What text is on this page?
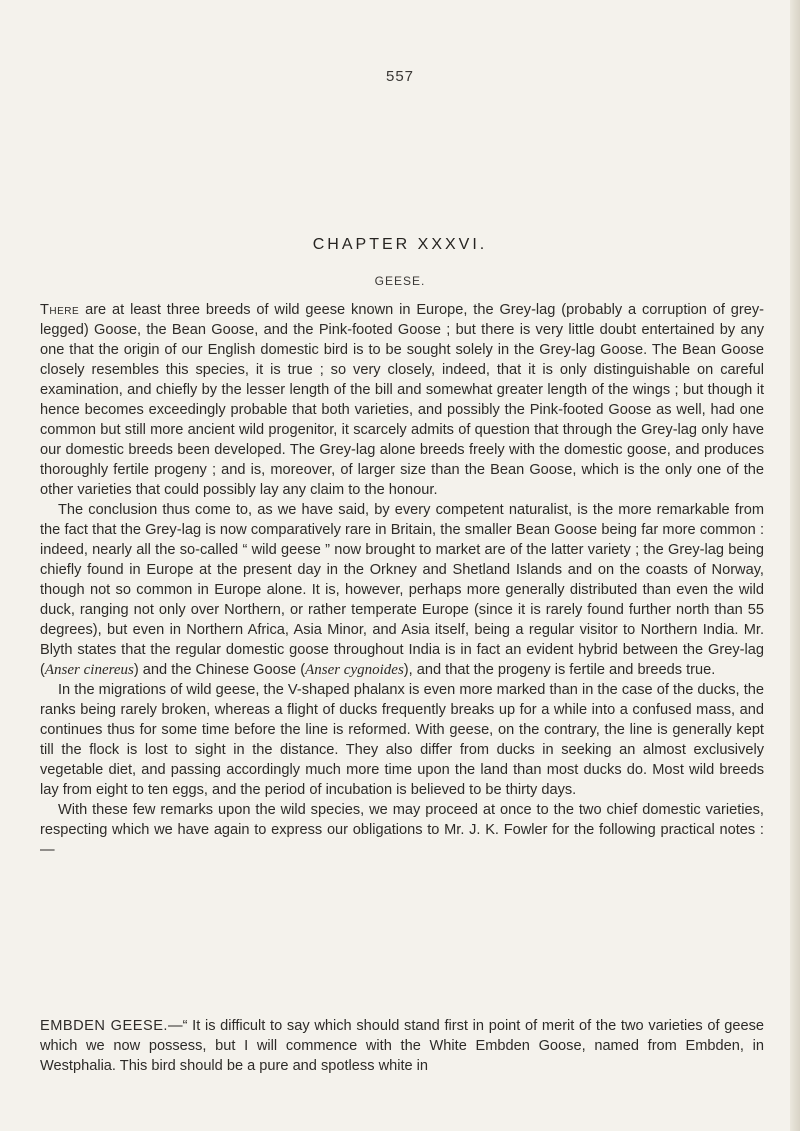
557
CHAPTER XXXVI.
GEESE.

There are at least three breeds of wild geese known in Europe, the Grey-lag (probably a corruption of grey-legged) Goose, the Bean Goose, and the Pink-footed Goose ; but there is very little doubt entertained by any one that the origin of our English domestic bird is to be sought solely in the Grey-lag Goose. The Bean Goose closely resembles this species, it is true ; so very closely, indeed, that it is only distinguishable on careful examination, and chiefly by the lesser length of the bill and somewhat greater length of the wings ; but though it hence becomes exceedingly probable that both varieties, and possibly the Pink-footed Goose as well, had one common but still more ancient wild progenitor, it scarcely admits of question that through the Grey-lag only have our domestic breeds been developed. The Grey-lag alone breeds freely with the domestic goose, and produces thoroughly fertile progeny ; and is, moreover, of larger size than the Bean Goose, which is the only one of the other varieties that could possibly lay any claim to the honour.

The conclusion thus come to, as we have said, by every competent naturalist, is the more remarkable from the fact that the Grey-lag is now comparatively rare in Britain, the smaller Bean Goose being far more common : indeed, nearly all the so-called “ wild geese ” now brought to market are of the latter variety ; the Grey-lag being chiefly found in Europe at the present day in the Orkney and Shetland Islands and on the coasts of Norway, though not so common in Europe alone. It is, however, perhaps more generally distributed than even the wild duck, ranging not only over Northern, or rather temperate Europe (since it is rarely found further north than 55 degrees), but even in Northern Africa, Asia Minor, and Asia itself, being a regular visitor to Northern India. Mr. Blyth states that the regular domestic goose throughout India is in fact an evident hybrid between the Grey-lag (Anser cinereus) and the Chinese Goose (Anser cygnoides), and that the progeny is fertile and breeds true.

In the migrations of wild geese, the V-shaped phalanx is even more marked than in the case of the ducks, the ranks being rarely broken, whereas a flight of ducks frequently breaks up for a while into a confused mass, and continues thus for some time before the line is reformed. With geese, on the contrary, the line is generally kept till the flock is lost to sight in the distance. They also differ from ducks in seeking an almost exclusively vegetable diet, and passing accordingly much more time upon the land than most ducks do. Most wild breeds lay from eight to ten eggs, and the period of incubation is believed to be thirty days.

With these few remarks upon the wild species, we may proceed at once to the two chief domestic varieties, respecting which we have again to express our obligations to Mr. J. K. Fowler for the following practical notes :—

EMBDEN GEESE.—“ It is difficult to say which should stand first in point of merit of the two varieties of geese which we now possess, but I will commence with the White Embden Goose, named from Embden, in Westphalia. This bird should be a pure and spotless white in
